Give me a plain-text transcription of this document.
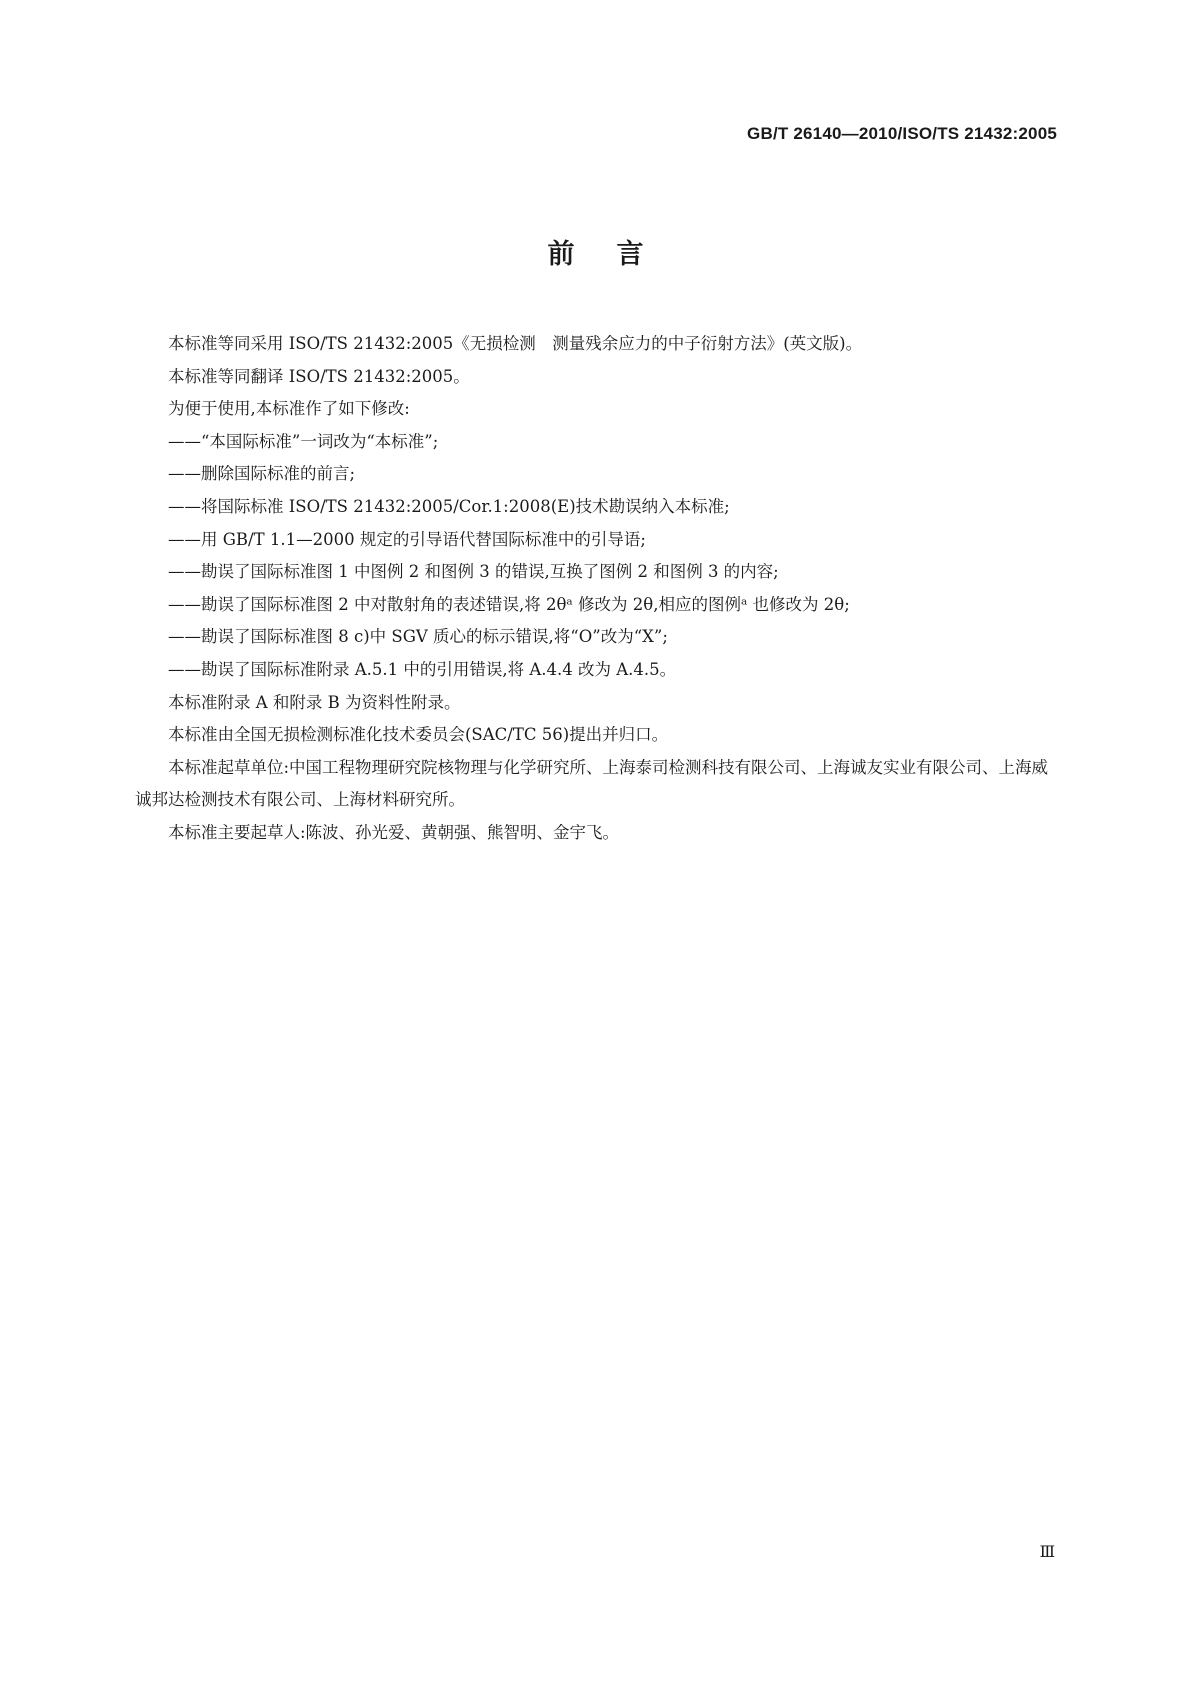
GB/T 26140—2010/ISO/TS 21432:2005
前言

本标准等同采用 ISO/TS 21432:2005《无损检测　测量残余应力的中子衍射方法》(英文版)。

本标准等同翻译 ISO/TS 21432:2005。

为便于使用,本标准作了如下修改:

——“本国际标准”一词改为“本标准”;

——删除国际标准的前言;

——将国际标准 ISO/TS 21432:2005/Cor.1:2008(E)技术勘误纳入本标准;

——用 GB/T 1.1—2000 规定的引导语代替国际标准中的引导语;

——勘误了国际标准图 1 中图例 2 和图例 3 的错误,互换了图例 2 和图例 3 的内容;

——勘误了国际标准图 2 中对散射角的表述错误,将 2θᵃ 修改为 2θ,相应的图例ᵃ 也修改为 2θ;

——勘误了国际标准图 8 c)中 SGV 质心的标示错误,将“O”改为“X”;

——勘误了国际标准附录 A.5.1 中的引用错误,将 A.4.4 改为 A.4.5。

本标准附录 A 和附录 B 为资料性附录。

本标准由全国无损检测标准化技术委员会(SAC/TC 56)提出并归口。

本标准起草单位:中国工程物理研究院核物理与化学研究所、上海泰司检测科技有限公司、上海诚友实业有限公司、上海威诚邦达检测技术有限公司、上海材料研究所。

本标准主要起草人:陈波、孙光爱、黄朝强、熊智明、金宇飞。

Ⅲ
